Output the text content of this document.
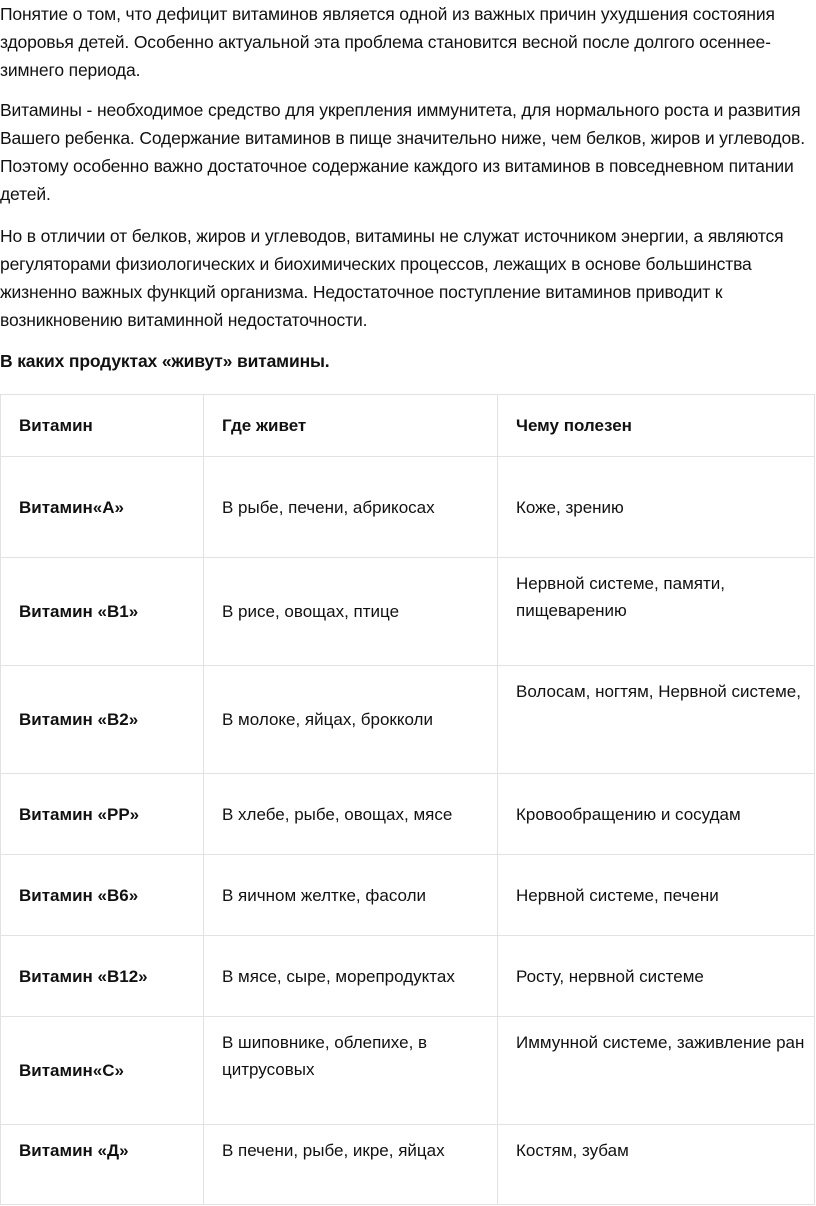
Понятие о том, что дефицит витаминов является одной из важных причин ухудшения состояния здоровья детей. Особенно актуальной эта проблема становится весной после долгого осеннее-зимнего периода.

Витамины - необходимое средство для укрепления иммунитета, для нормального роста и развития Вашего ребенка. Содержание витаминов в пище значительно ниже, чем белков, жиров и углеводов. Поэтому особенно важно достаточное содержание каждого из витаминов в повседневном питании детей.

Но в отличии от белков, жиров и углеводов, витамины не служат источником энергии, а являются регуляторами физиологических и биохимических процессов, лежащих в основе большинства жизненно важных функций организма. Недостаточное поступление витаминов приводит к возникновению витаминной недостаточности.

В каких продуктах «живут» витамины.

Витамин	Где живет	Чему полезен
Витамин«А»	В рыбе, печени, абрикосах	Коже, зрению
Витамин «В1»	В рисе, овощах, птице	Нервной системе, памяти, пищеварению
Витамин «В2»	В молоке, яйцах, брокколи	Волосам, ногтям, Нервной системе,
Витамин «РР»	В хлебе, рыбе, овощах, мясе	Кровообращению и сосудам
Витамин «В6»	В яичном желтке, фасоли	Нервной системе, печени
Витамин «В12»	В мясе, сыре, морепродуктах	Росту, нервной системе
Витамин«С»	В шиповнике, облепихе, в цитрусовых	Иммунной системе, заживление ран
Витамин «Д»	В печени, рыбе, икре, яйцах	Костям, зубам
